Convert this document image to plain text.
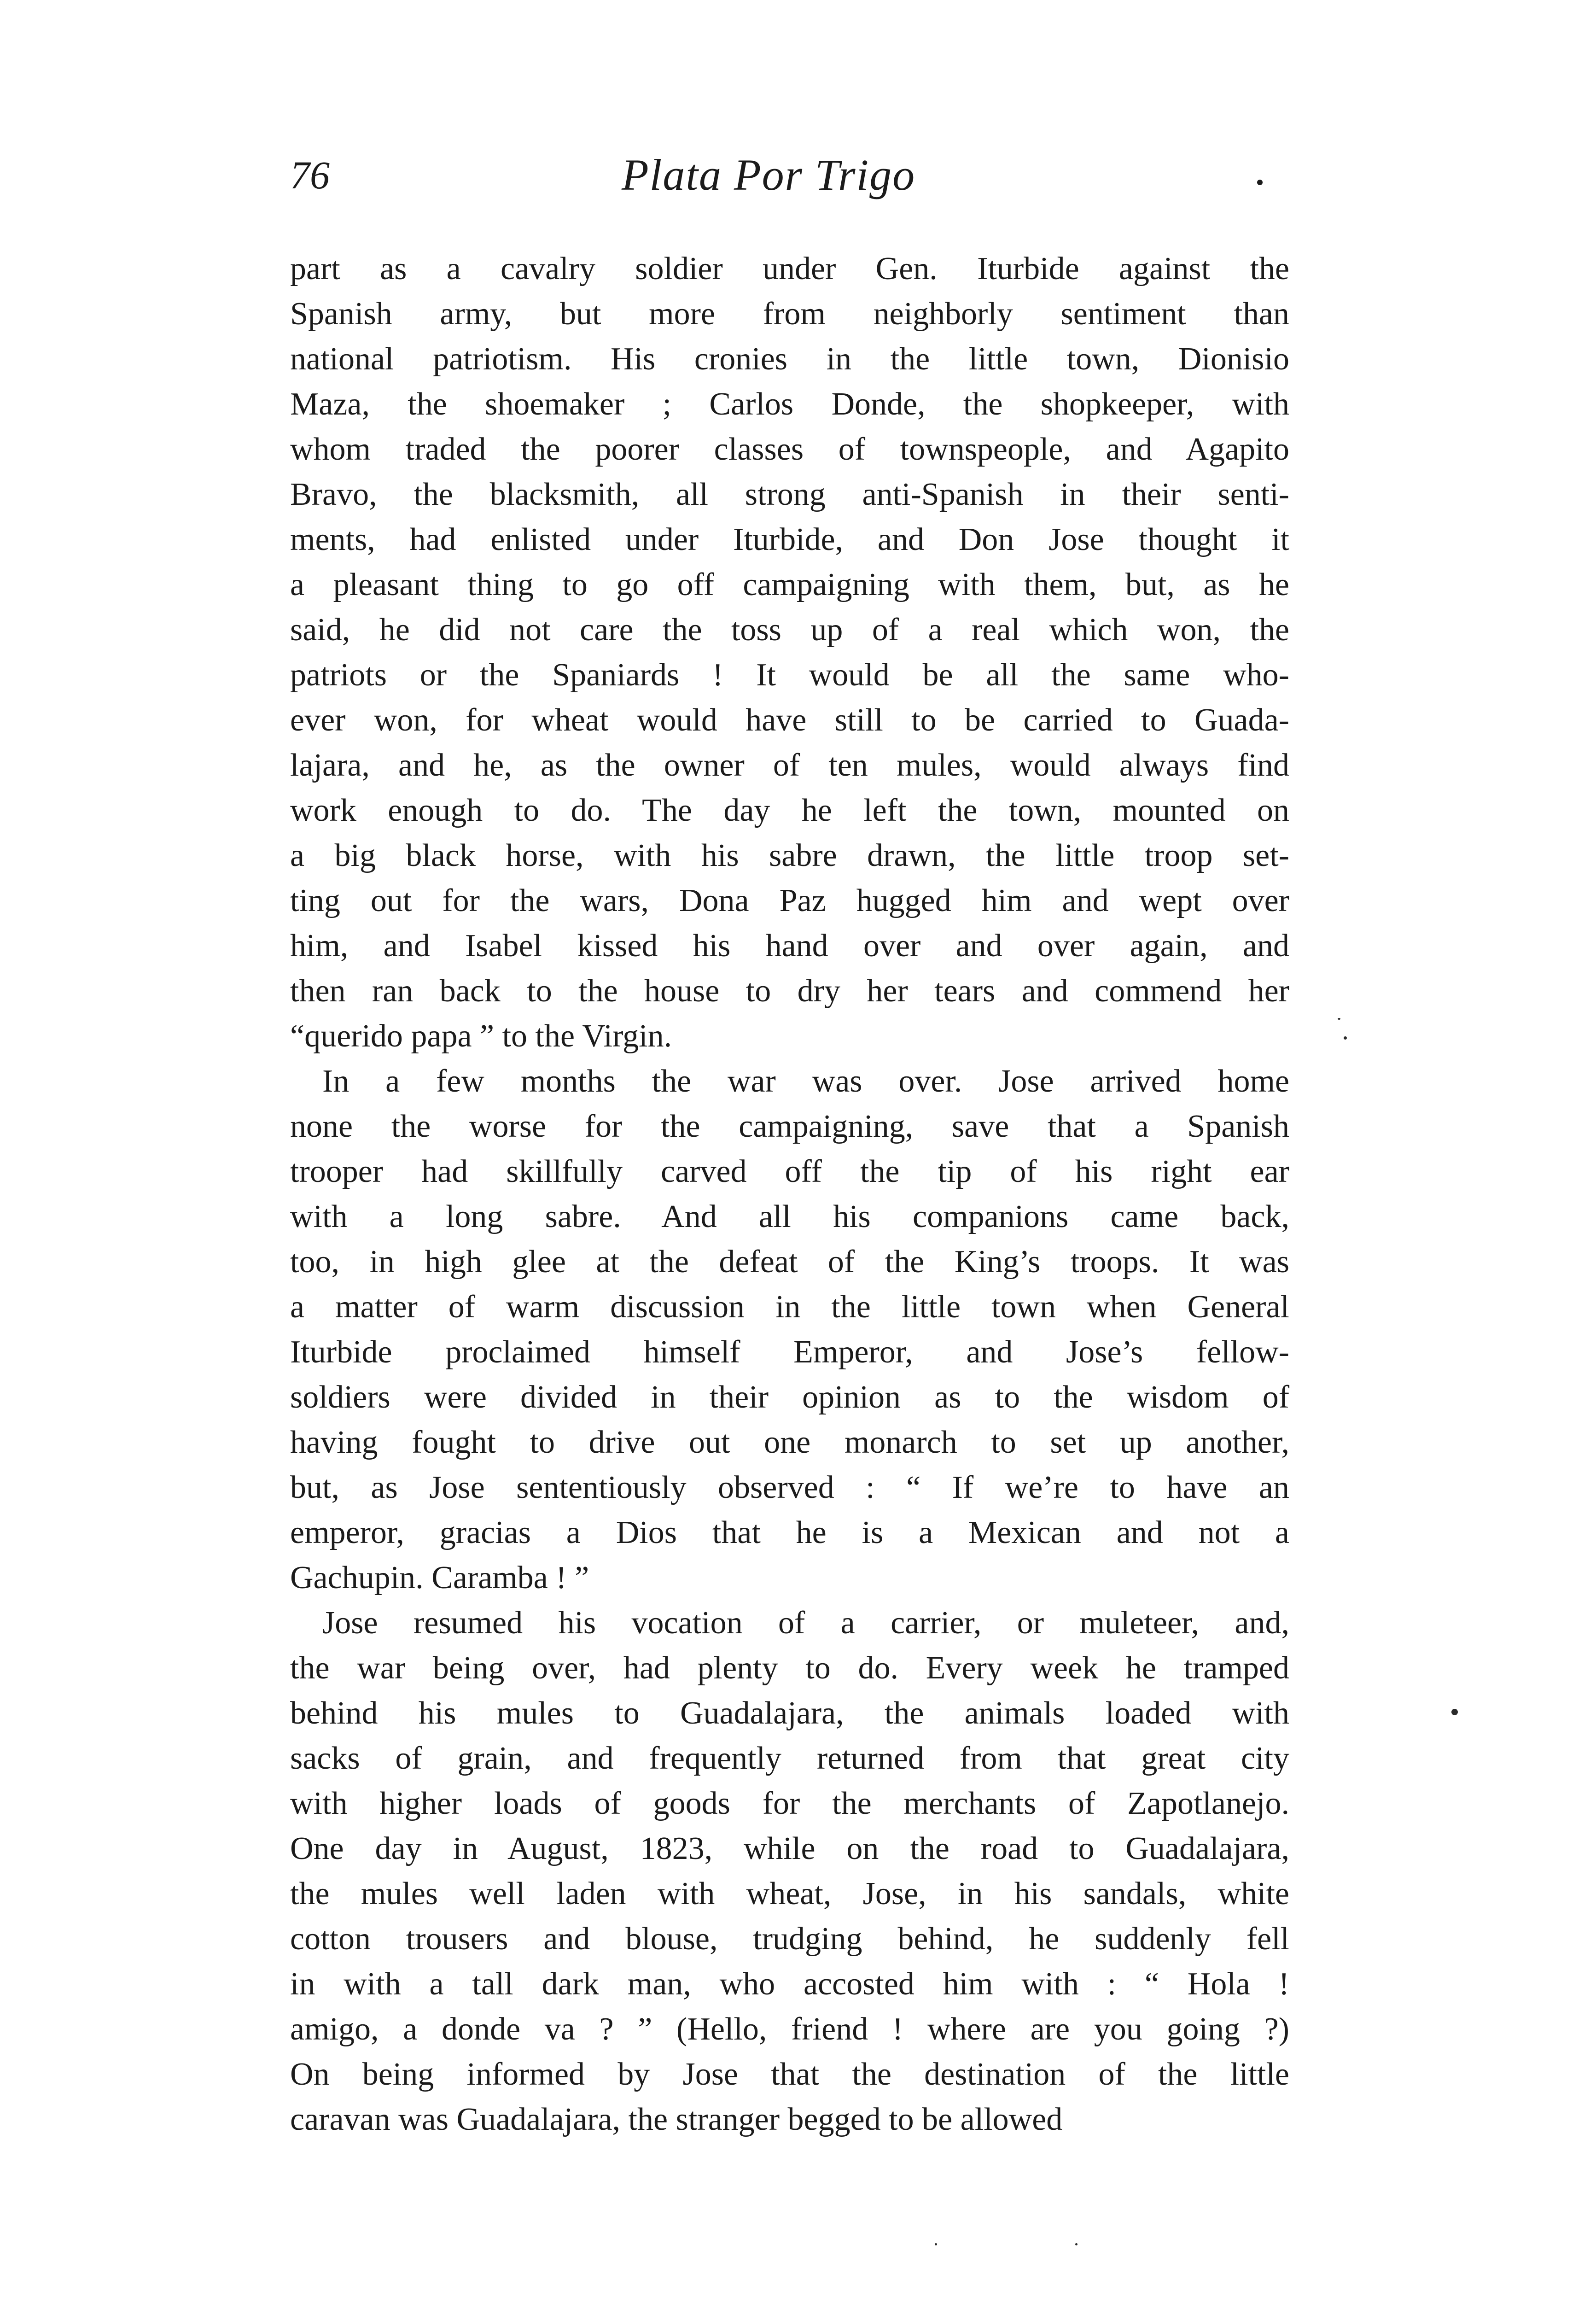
76	Plata Por Trigo
part as a cavalry soldier under Gen. Iturbide against the
Spanish army, but more from neighborly sentiment than
national patriotism. His cronies in the little town, Dionisio
Maza, the shoemaker ; Carlos Donde, the shopkeeper, with
whom traded the poorer classes of townspeople, and Agapito
Bravo, the blacksmith, all strong anti-Spanish in their senti-
ments, had enlisted under Iturbide, and Don Jose thought it
a pleasant thing to go off campaigning with them, but, as he
said, he did not care the toss up of a real which won, the
patriots or the Spaniards ! It would be all the same who-
ever won, for wheat would have still to be carried to Guada-
lajara, and he, as the owner of ten mules, would always find
work enough to do. The day he left the town, mounted on
a big black horse, with his sabre drawn, the little troop set-
ting out for the wars, Dona Paz hugged him and wept over
him, and Isabel kissed his hand over and over again, and
then ran back to the house to dry her tears and commend her
“querido papa ” to the Virgin.
In a few months the war was over. Jose arrived home
none the worse for the campaigning, save that a Spanish
trooper had skillfully carved off the tip of his right ear
with a long sabre. And all his companions came back,
too, in high glee at the defeat of the King’s troops. It was
a matter of warm discussion in the little town when General
Iturbide proclaimed himself Emperor, and Jose’s fellow-
soldiers were divided in their opinion as to the wisdom of
having fought to drive out one monarch to set up another,
but, as Jose sententiously observed : “ If we’re to have an
emperor, gracias a Dios that he is a Mexican and not a
Gachupin. Caramba ! ”
Jose resumed his vocation of a carrier, or muleteer, and,
the war being over, had plenty to do. Every week he tramped
behind his mules to Guadalajara, the animals loaded with
sacks of grain, and frequently returned from that great city
with higher loads of goods for the merchants of Zapotlanejo.
One day in August, 1823, while on the road to Guadalajara,
the mules well laden with wheat, Jose, in his sandals, white
cotton trousers and blouse, trudging behind, he suddenly fell
in with a tall dark man, who accosted him with : “ Hola !
amigo, a donde va ? ” (Hello, friend ! where are you going ?)
On being informed by Jose that the destination of the little
caravan was Guadalajara, the stranger begged to be allowed
